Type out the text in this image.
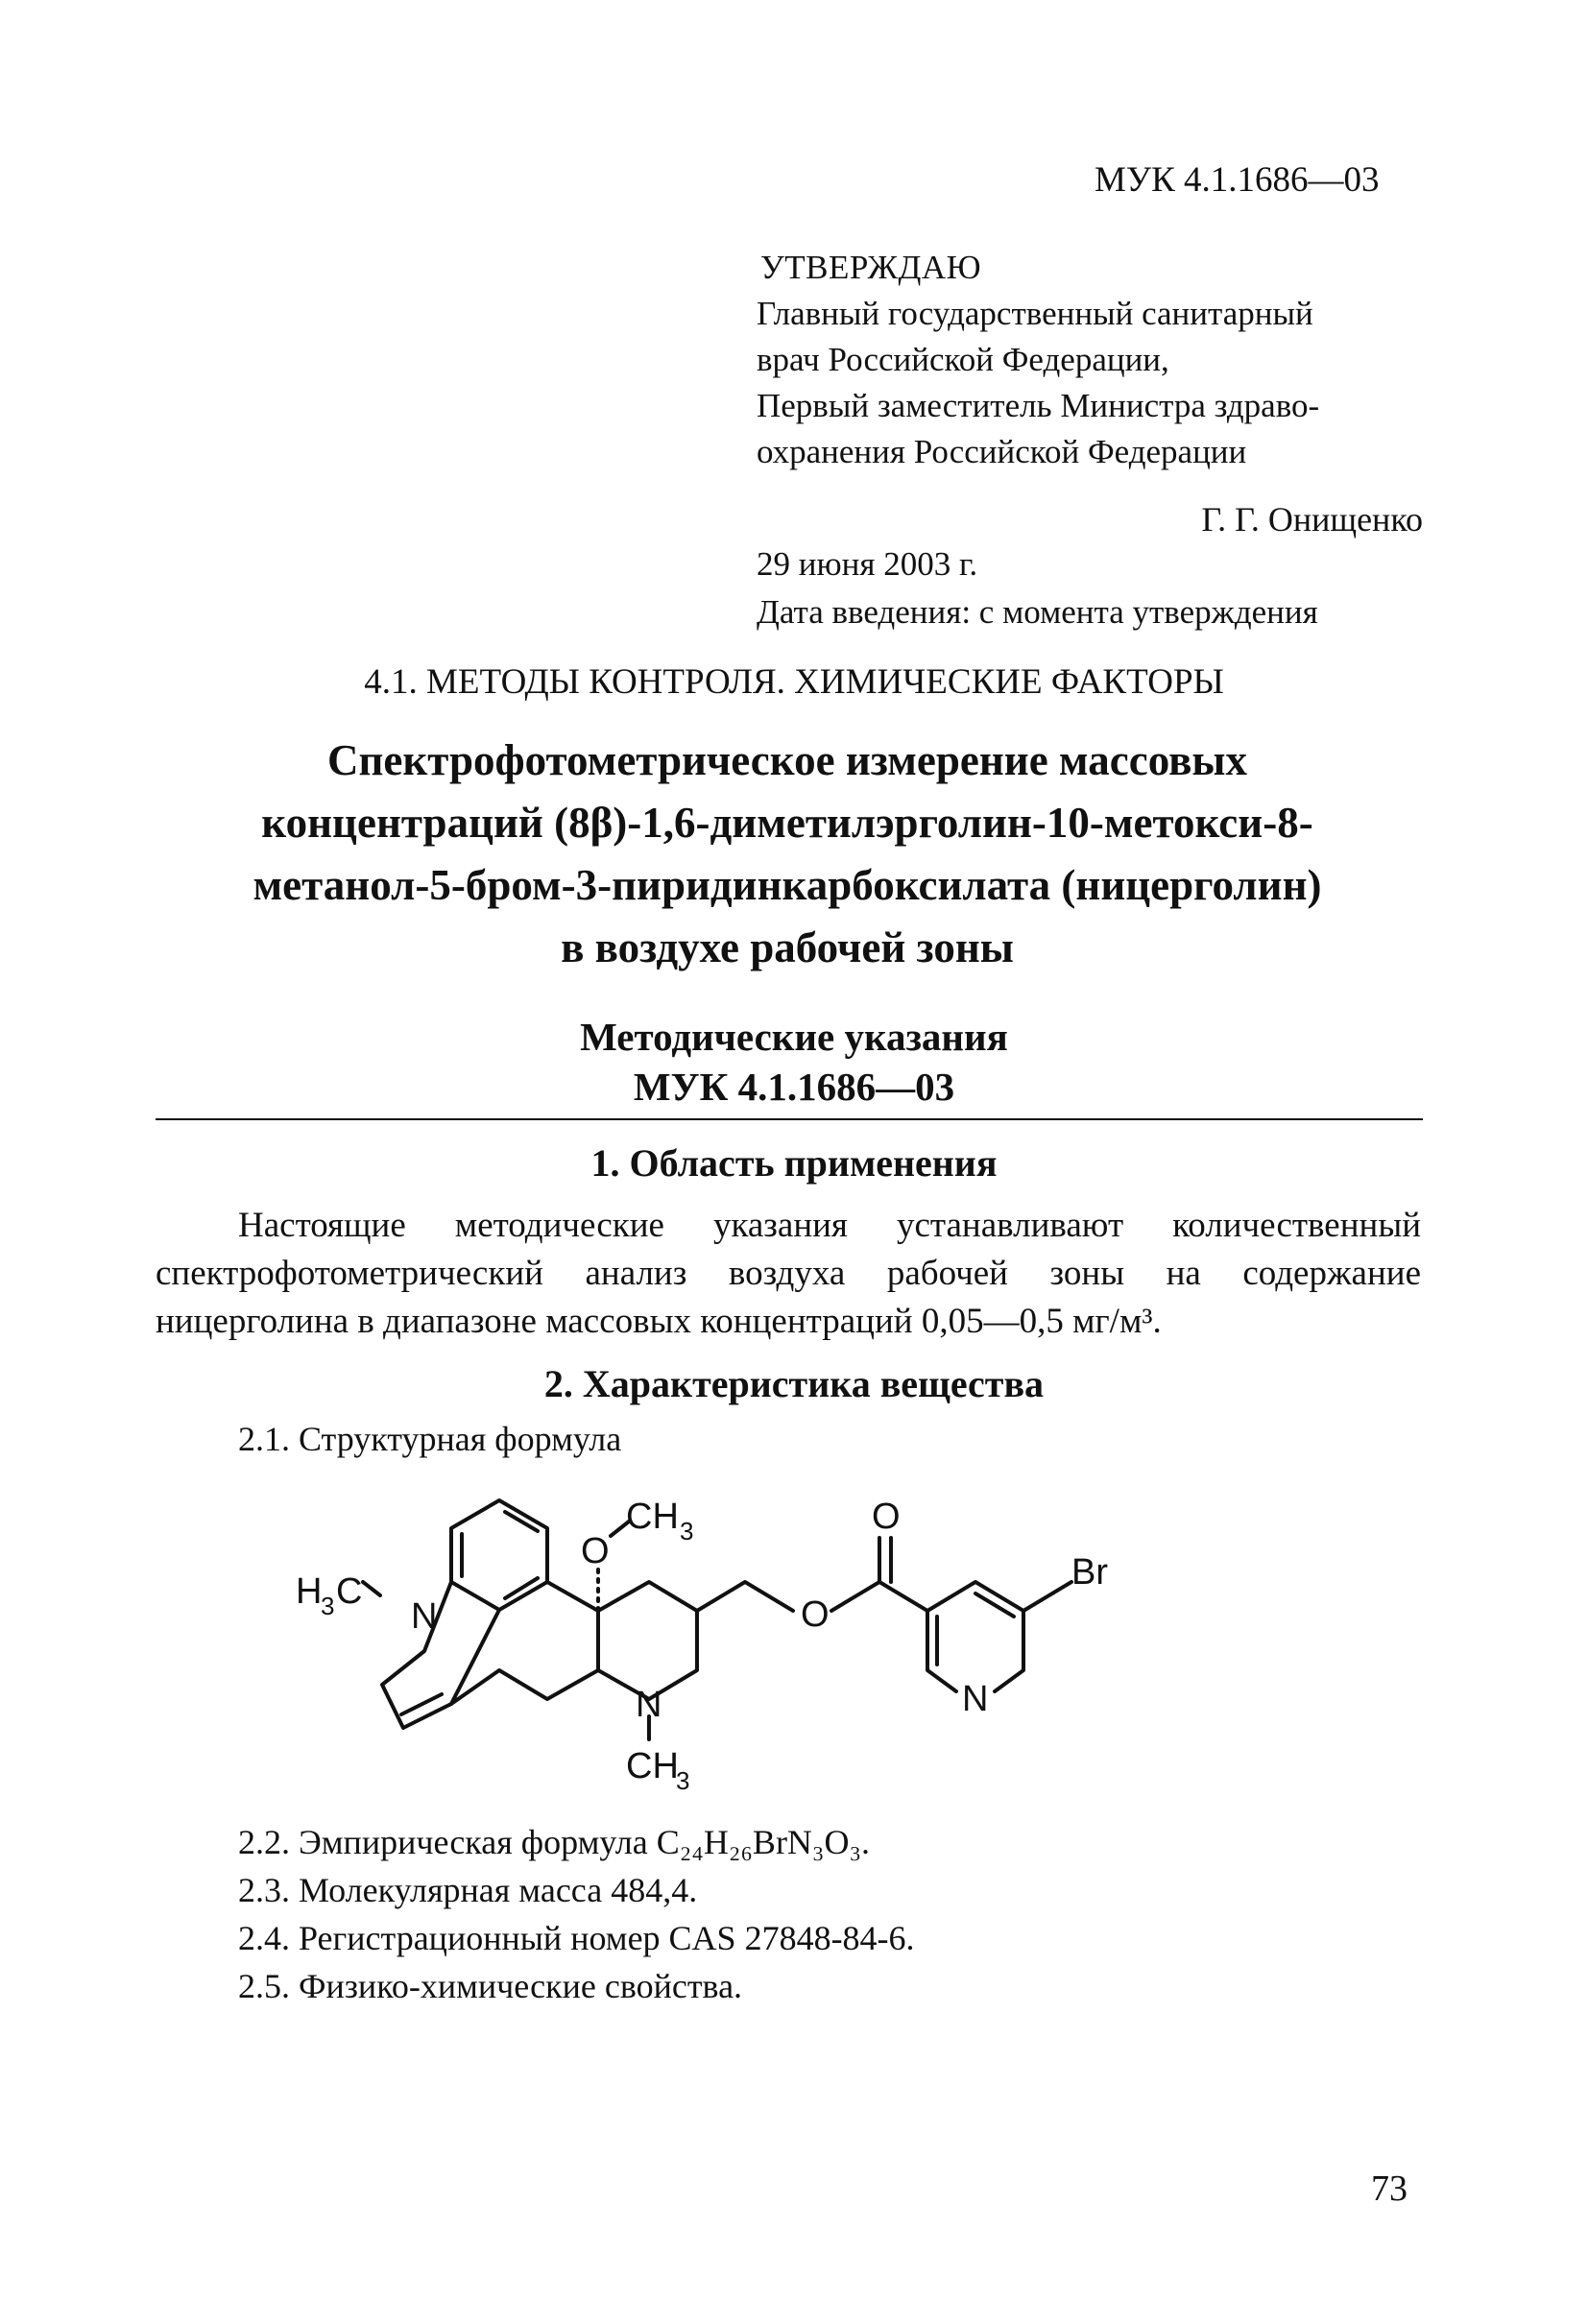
МУК 4.1.1686—03
УТВЕРЖДАЮ
Главный государственный санитарный
врач Российской Федерации,
Первый заместитель Министра здраво-
охранения Российской Федерации
Г. Г. Онищенко
29 июня 2003 г.
Дата введения: с момента утверждения
4.1. МЕТОДЫ КОНТРОЛЯ. ХИМИЧЕСКИЕ ФАКТОРЫ
Спектрофотометрическое измерение массовых
концентраций (8β)-1,6-диметилэрголин-10-метокси-8-
метанол-5-бром-3-пиридинкарбоксилата (ницерголин)
в воздухе рабочей зоны
Методические указания
МУК 4.1.1686—03
1. Область применения
Настоящие методические указания устанавливают количественный
спектрофотометрический анализ воздуха рабочей зоны на содержание
ницерголина в диапазоне массовых концентраций 0,05—0,5 мг/м³.
2. Характеристика вещества
2.1. Структурная формула
O
CH 3	O
O
Br
N
H
3 C
N
CH
3
N
2.2. Эмпирическая формула C₂₄H₂₆BrN₃O₃.
2.3. Молекулярная масса 484,4.
2.4. Регистрационный номер CAS 27848-84-6.
2.5. Физико-химические свойства.
73
